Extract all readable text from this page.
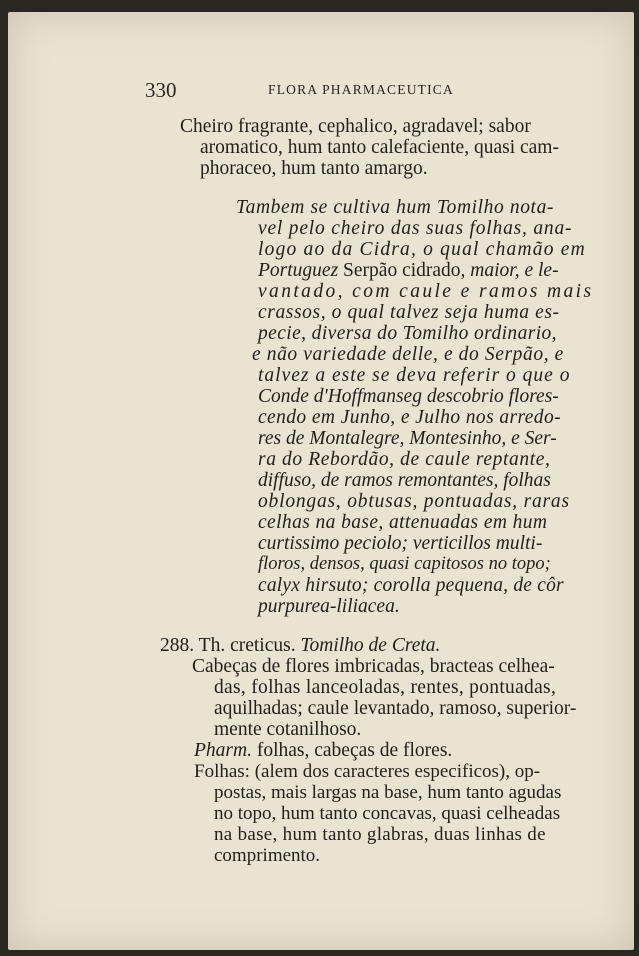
330	FLORA PHARMACEUTICA
Cheiro fragrante, cephalico, agradavel; sabor
aromatico, hum tanto calefaciente, quasi cam-
phoraceo, hum tanto amargo.
Tambem se cultiva hum Tomilho nota-
vel pelo cheiro das suas folhas, ana-
logo ao da Cidra, o qual chamão em
Portuguez Serpão cidrado, maior, e le-
vantado, com caule e ramos mais
crassos, o qual talvez seja huma es-
pecie, diversa do Tomilho ordinario,
e não variedade delle, e do Serpão, e
talvez a este se deva referir o que o
Conde d'Hoffmanseg descobrio flores-
cendo em Junho, e Julho nos arredo-
res de Montalegre, Montesinho, e Ser-
ra do Rebordão, de caule reptante,
diffuso, de ramos remontantes, folhas
oblongas, obtusas, pontuadas, raras
celhas na base, attenuadas em hum
curtissimo peciolo; verticillos multi-
floros, densos, quasi capitosos no topo;
calyx hirsuto; corolla pequena, de côr
purpurea-liliacea.
288. Th. creticus. Tomilho de Creta.
Cabeças de flores imbricadas, bracteas celhea-
das, folhas lanceoladas, rentes, pontuadas,
aquilhadas; caule levantado, ramoso, superior-
mente cotanilhoso.
Pharm. folhas, cabeças de flores.
Folhas: (alem dos caracteres especificos), op-
postas, mais largas na base, hum tanto agudas
no topo, hum tanto concavas, quasi celheadas
na base, hum tanto glabras, duas linhas de
comprimento.
